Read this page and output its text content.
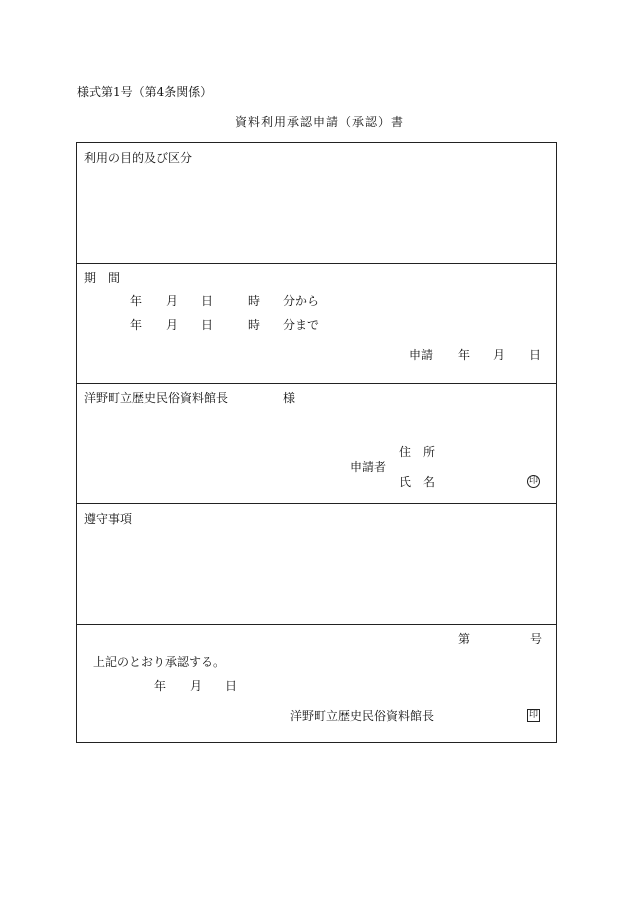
様式第1号（第4条関係）
資料利用承認申請（承認）書
利用の目的及び区分
期　間
年 月 日	時 分から
年 月 日	時 分まで
申請 年 月 日
洋野町立歴史民俗資料館長	様
申請者
住　所
氏　名	印
遵守事項
第	号
上記のとおり承認する。
年 月 日
洋野町立歴史民俗資料館長	印
